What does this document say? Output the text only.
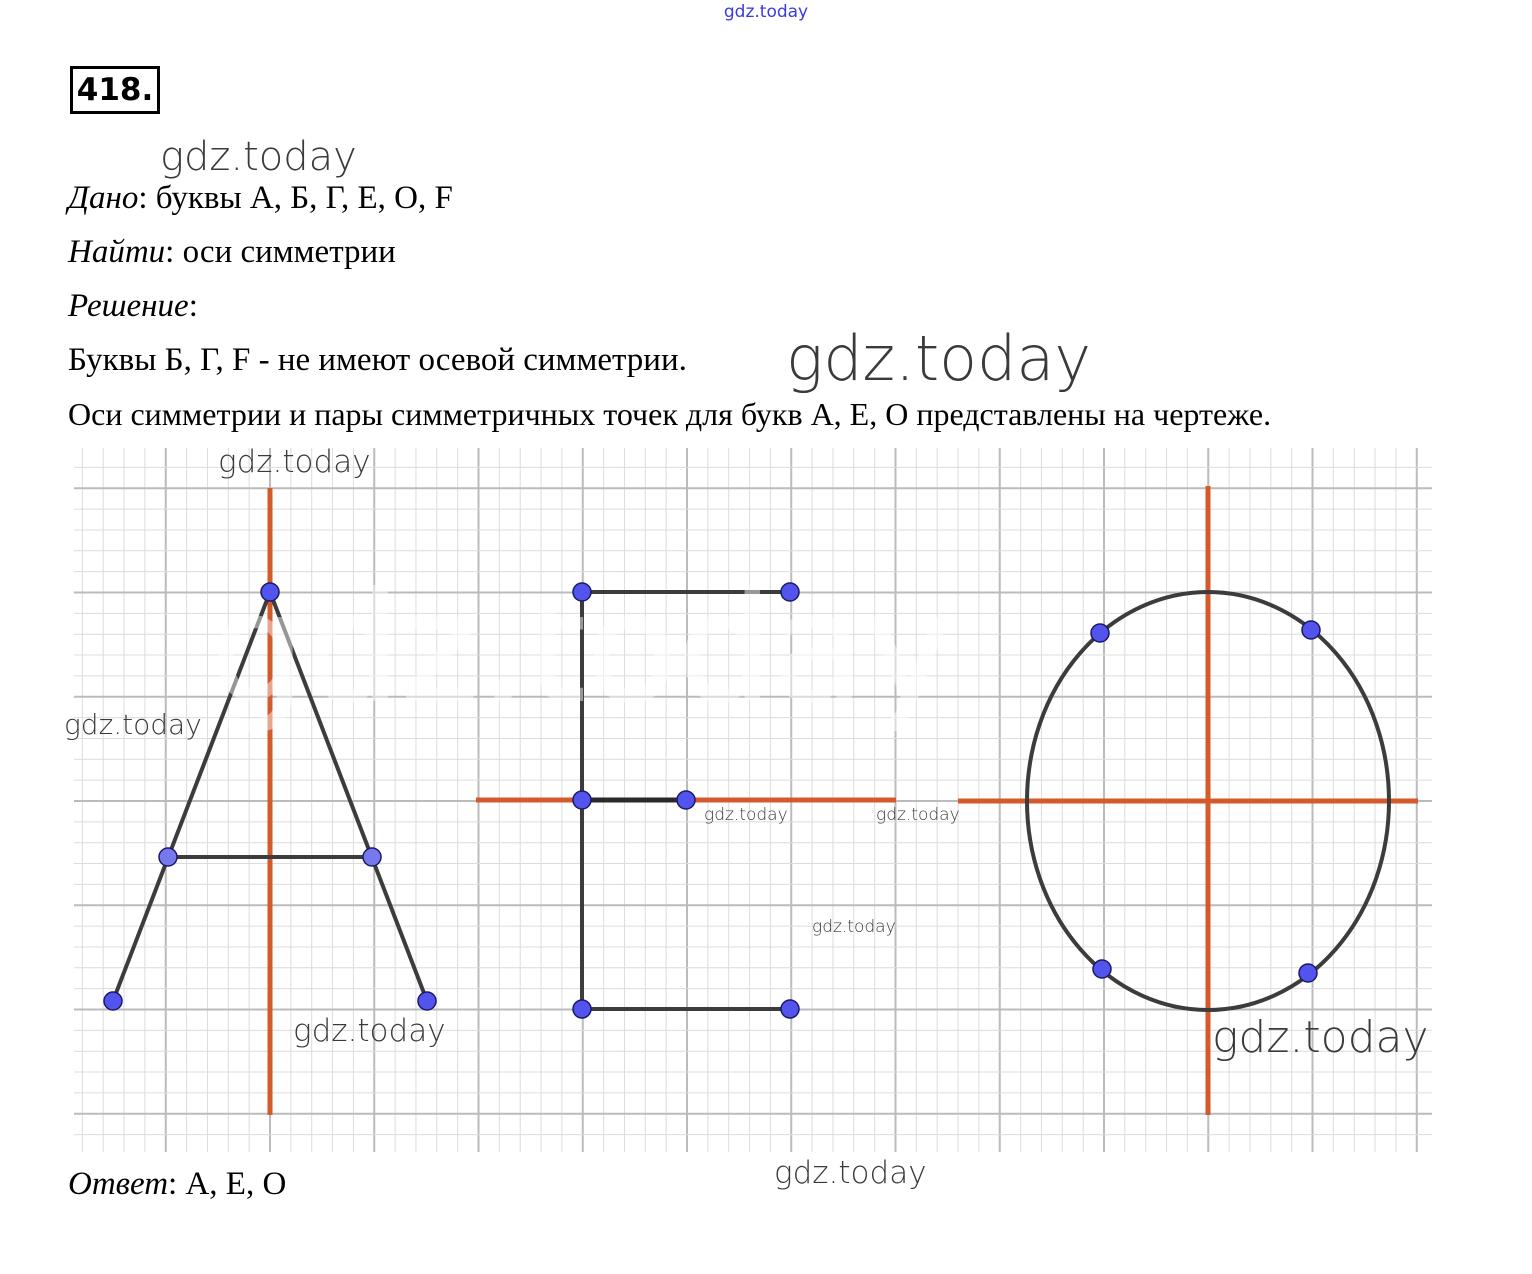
gdz.today
418.
gdz.today
Дано: буквы А, Б, Г, Е, О, F
Найти: оси симметрии
Решение:
Буквы Б, Г, F - не имеют осевой симметрии. gdz.today
Оси симметрии и пары симметричных точек для букв А, Е, О представлены на чертеже.
gdz.today
gdz.today
gdz.today
gdz.today	gdz.today
gdz.today
gdz.today	gdz.today
gdz.today
Ответ: А, Е, О
